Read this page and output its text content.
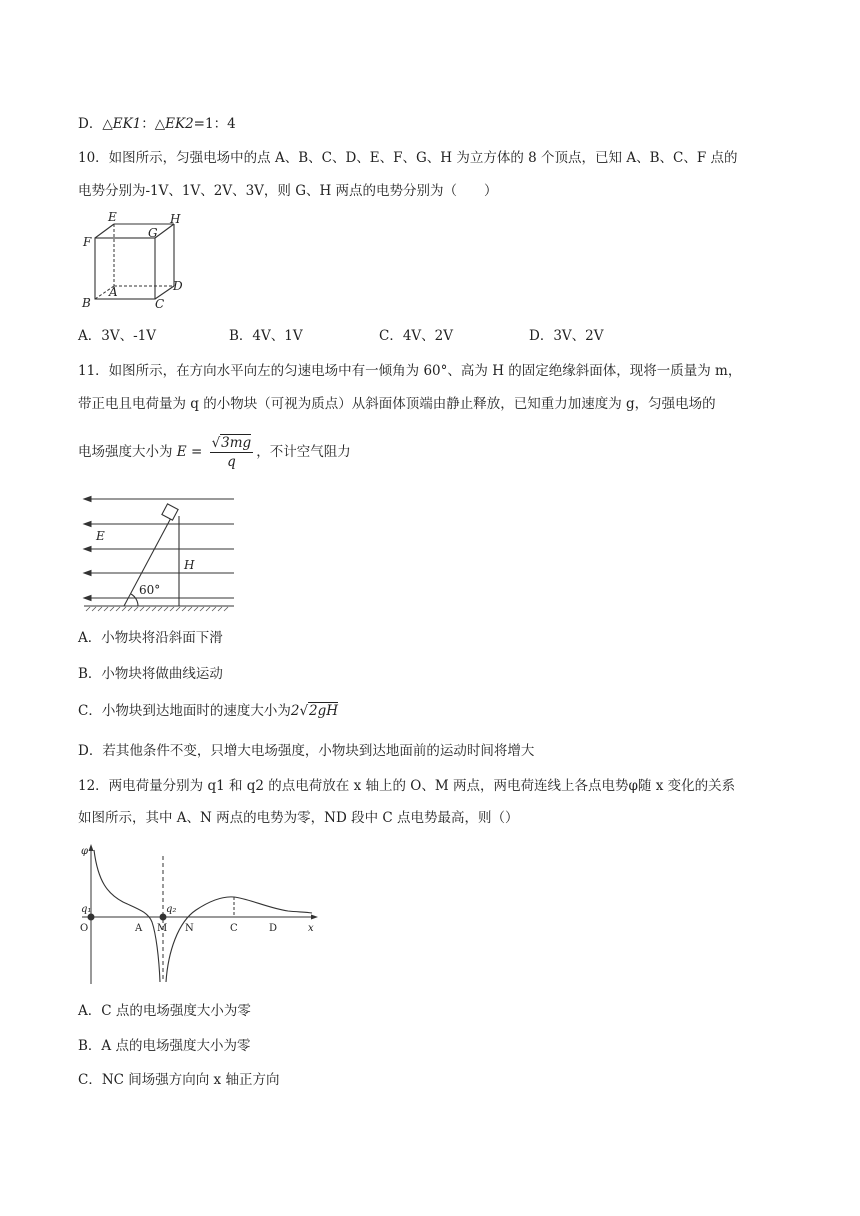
D．△EK1：△EK2=1：4
10．如图所示，匀强电场中的点 A、B、C、D、E、F、G、H 为立方体的 8 个顶点，已知 A、B、C、F 点的
电势分别为-1V、1V、2V、3V，则 G、H 两点的电势分别为（　　）
E	H
F
G
A	D
B	C
A．3V、-1V	B．4V、1V	C．4V、2V	D．3V、2V
11．如图所示，在方向水平向左的匀速电场中有一倾角为 60°、高为 H 的固定绝缘斜面体，现将一质量为 m，
带正电且电荷量为 q 的小物块（可视为质点）从斜面体顶端由静止释放，已知重力加速度为 g，匀强电场的
电场强度大小为 $E = \frac{√3mg}{q}$ ，不计空气阻力
E
H
60°
A．小物块将沿斜面下滑
B．小物块将做曲线运动
C．小物块到达地面时的速度大小为2√2gH
D．若其他条件不变，只增大电场强度，小物块到达地面前的运动时间将增大
12．两电荷量分别为 q1 和 q2 的点电荷放在 x 轴上的 O、M 两点，两电荷连线上各点电势φ随 x 变化的关系
如图所示，其中 A、N 两点的电势为零，ND 段中 C 点电势最高，则（）
φ
q₁	q₂
O	A M N	C	D	x
A．C 点的电场强度大小为零
B．A 点的电场强度大小为零
C．NC 间场强方向向 x 轴正方向
